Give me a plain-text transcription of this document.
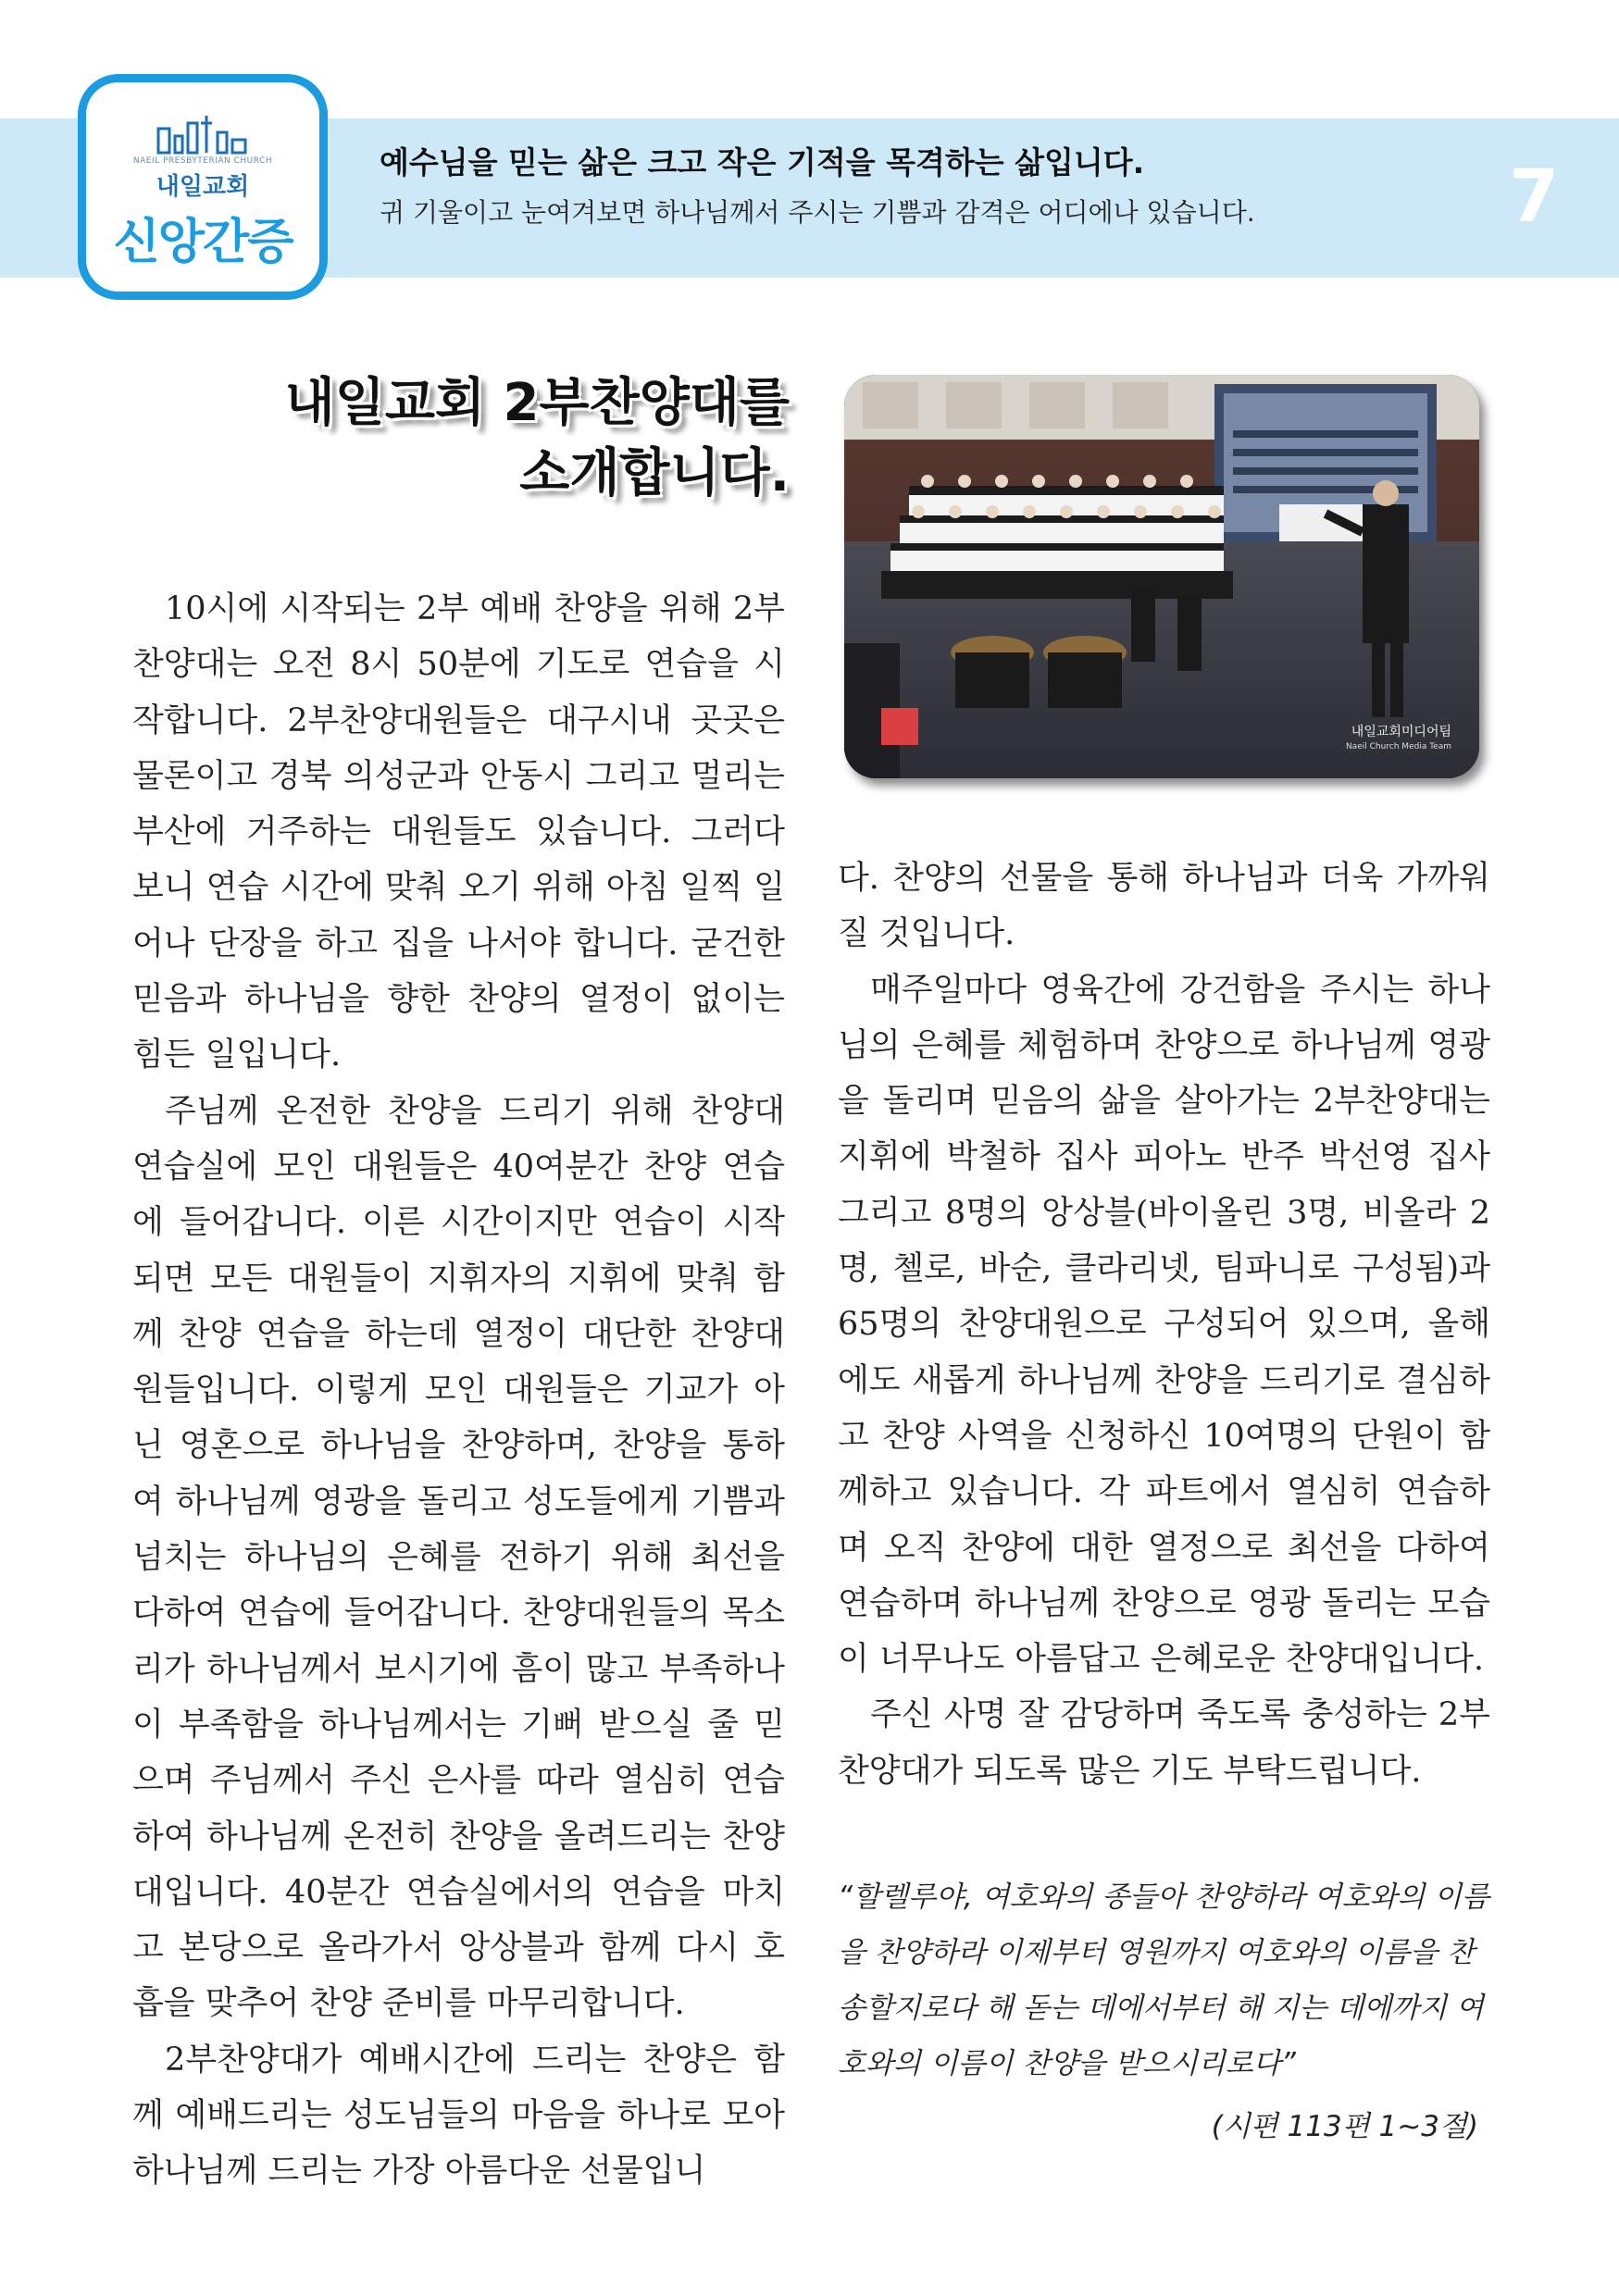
NAEIL PRESBYTERIAN CHURCH
내일교회
신앙간증
예수님을 믿는 삶은 크고 작은 기적을 목격하는 삶입니다.
귀 기울이고 눈여겨보면 하나님께서 주시는 기쁨과 감격은 어디에나 있습니다.	7
내일교회 2부찬양대를
소개합니다.
내일교회미디어팀
Naeil Church Media Team

10시에 시작되는 2부 예배 찬양을 위해 2부 찬양대는 오전 8시 50분에 기도로 연습을 시작합니다. 2부찬양대원들은 대구시내 곳곳은 물론이고 경북 의성군과 안동시 그리고 멀리는 부산에 거주하는 대원들도 있습니다. 그러다 보니 연습 시간에 맞춰 오기 위해 아침 일찍 일어나 단장을 하고 집을 나서야 합니다. 굳건한 믿음과 하나님을 향한 찬양의 열정이 없이는 힘든 일입니다.

주님께 온전한 찬양을 드리기 위해 찬양대 연습실에 모인 대원들은 40여분간 찬양 연습에 들어갑니다. 이른 시간이지만 연습이 시작되면 모든 대원들이 지휘자의 지휘에 맞춰 함께 찬양 연습을 하는데 열정이 대단한 찬양대원들입니다. 이렇게 모인 대원들은 기교가 아닌 영혼으로 하나님을 찬양하며, 찬양을 통하여 하나님께 영광을 돌리고 성도들에게 기쁨과 넘치는 하나님의 은혜를 전하기 위해 최선을 다하여 연습에 들어갑니다. 찬양대원들의 목소리가 하나님께서 보시기에 흠이 많고 부족하나 이 부족함을 하나님께서는 기뻐 받으실 줄 믿으며 주님께서 주신 은사를 따라 열심히 연습하여 하나님께 온전히 찬양을 올려드리는 찬양대입니다. 40분간 연습실에서의 연습을 마치고 본당으로 올라가서 앙상블과 함께 다시 호흡을 맞추어 찬양 준비를 마무리합니다.

2부찬양대가 예배시간에 드리는 찬양은 함께 예배드리는 성도님들의 마음을 하나로 모아 하나님께 드리는 가장 아름다운 선물입니

다. 찬양의 선물을 통해 하나님과 더욱 가까워질 것입니다.

매주일마다 영육간에 강건함을 주시는 하나님의 은혜를 체험하며 찬양으로 하나님께 영광을 돌리며 믿음의 삶을 살아가는 2부찬양대는 지휘에 박철하 집사 피아노 반주 박선영 집사 그리고 8명의 앙상블(바이올린 3명, 비올라 2명, 첼로, 바순, 클라리넷, 팀파니로 구성됨)과 65명의 찬양대원으로 구성되어 있으며, 올해에도 새롭게 하나님께 찬양을 드리기로 결심하고 찬양 사역을 신청하신 10여명의 단원이 함께하고 있습니다. 각 파트에서 열심히 연습하며 오직 찬양에 대한 열정으로 최선을 다하여 연습하며 하나님께 찬양으로 영광 돌리는 모습이 너무나도 아름답고 은혜로운 찬양대입니다.

주신 사명 잘 감당하며 죽도록 충성하는 2부 찬양대가 되도록 많은 기도 부탁드립니다.

“할렐루야, 여호와의 종들아 찬양하라 여호와의 이름을 찬양하라 이제부터 영원까지 여호와의 이름을 찬송할지로다 해 돋는 데에서부터 해 지는 데에까지 여호와의 이름이 찬양을 받으시리로다”
(시편 113편 1~3절)
